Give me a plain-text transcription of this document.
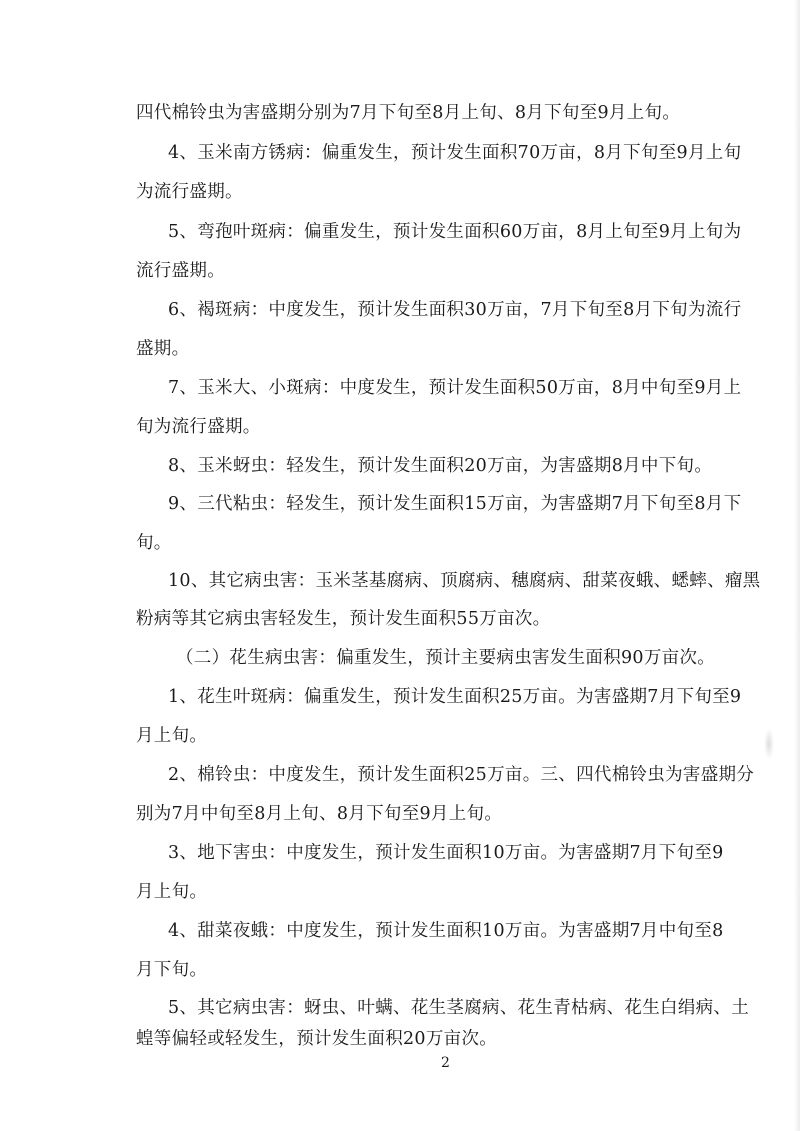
四代棉铃虫为害盛期分别为7月下旬至8月上旬、8月下旬至9月上旬。
4、玉米南方锈病：偏重发生，预计发生面积70万亩，8月下旬至9月上旬
为流行盛期。
5、弯孢叶斑病：偏重发生，预计发生面积60万亩，8月上旬至9月上旬为
流行盛期。
6、褐斑病：中度发生，预计发生面积30万亩，7月下旬至8月下旬为流行
盛期。
7、玉米大、小斑病：中度发生，预计发生面积50万亩，8月中旬至9月上
旬为流行盛期。
8、玉米蚜虫：轻发生，预计发生面积20万亩，为害盛期8月中下旬。
9、三代粘虫：轻发生，预计发生面积15万亩，为害盛期7月下旬至8月下
旬。
10、其它病虫害：玉米茎基腐病、顶腐病、穗腐病、甜菜夜蛾、蟋蟀、瘤黑
粉病等其它病虫害轻发生，预计发生面积55万亩次。
（二）花生病虫害：偏重发生，预计主要病虫害发生面积90万亩次。
1、花生叶斑病：偏重发生，预计发生面积25万亩。为害盛期7月下旬至9
月上旬。
2、棉铃虫：中度发生，预计发生面积25万亩。三、四代棉铃虫为害盛期分
别为7月中旬至8月上旬、8月下旬至9月上旬。
3、地下害虫：中度发生，预计发生面积10万亩。为害盛期7月下旬至9
月上旬。
4、甜菜夜蛾：中度发生，预计发生面积10万亩。为害盛期7月中旬至8
月下旬。
5、其它病虫害：蚜虫、叶螨、花生茎腐病、花生青枯病、花生白绢病、土
蝗等偏轻或轻发生，预计发生面积20万亩次。
2
